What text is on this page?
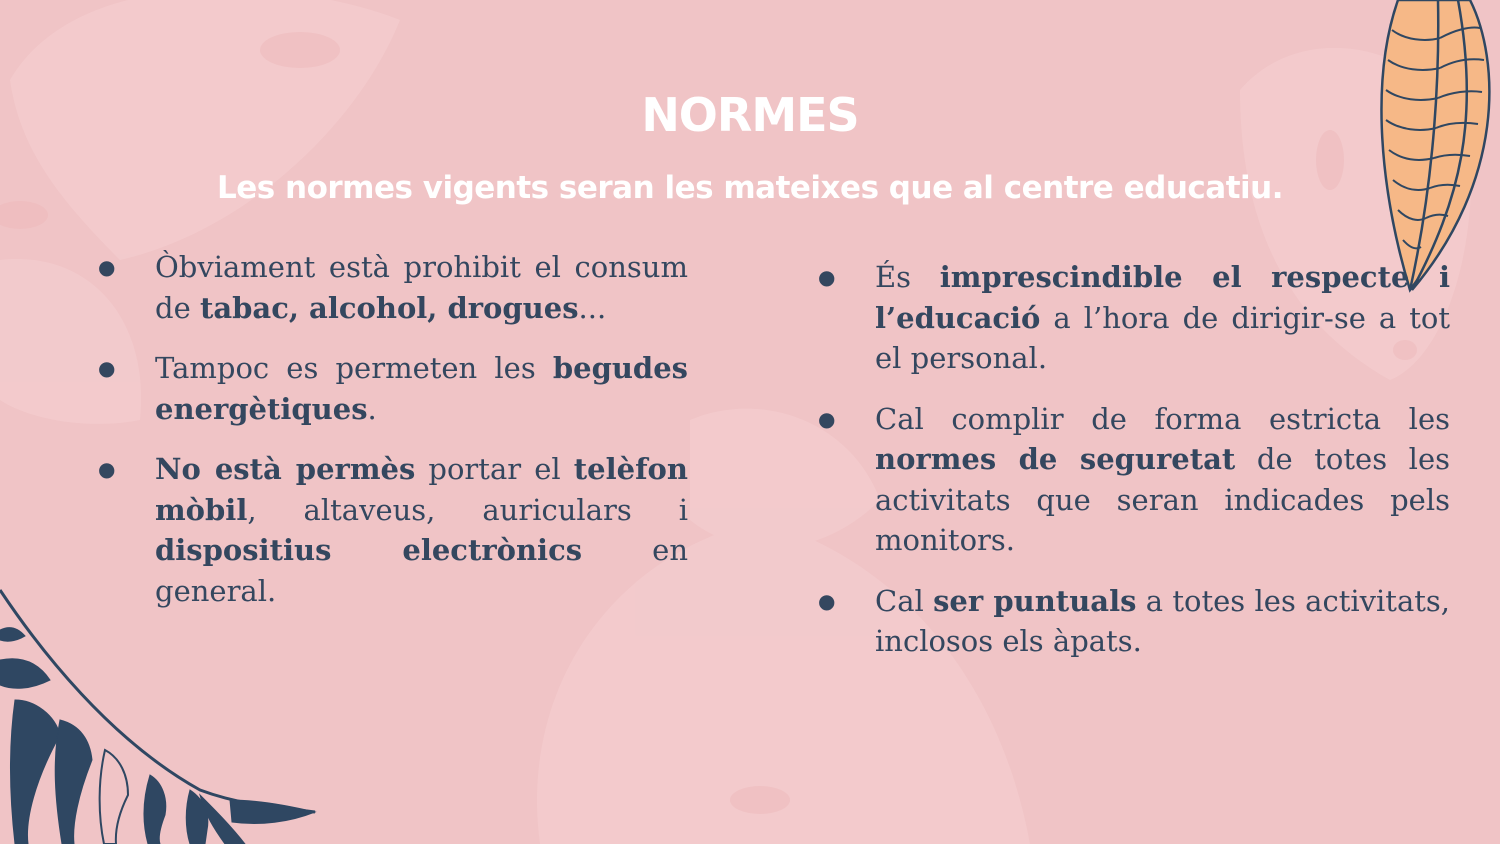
NORMES
Les normes vigents seran les mateixes que al centre educatiu.
● Òbviament està prohibit el consum de tabac, alcohol, drogues...
● Tampoc es permeten les begudes energètiques.
● No està permès portar el telèfon mòbil, altaveus, auriculars i dispositius electrònics en general.
● És imprescindible el respecte i l’educació a l’hora de dirigir-se a tot el personal.
● Cal complir de forma estricta les normes de seguretat de totes les activitats que seran indicades pels monitors.
● Cal ser puntuals a totes les activitats, inclosos els àpats.
